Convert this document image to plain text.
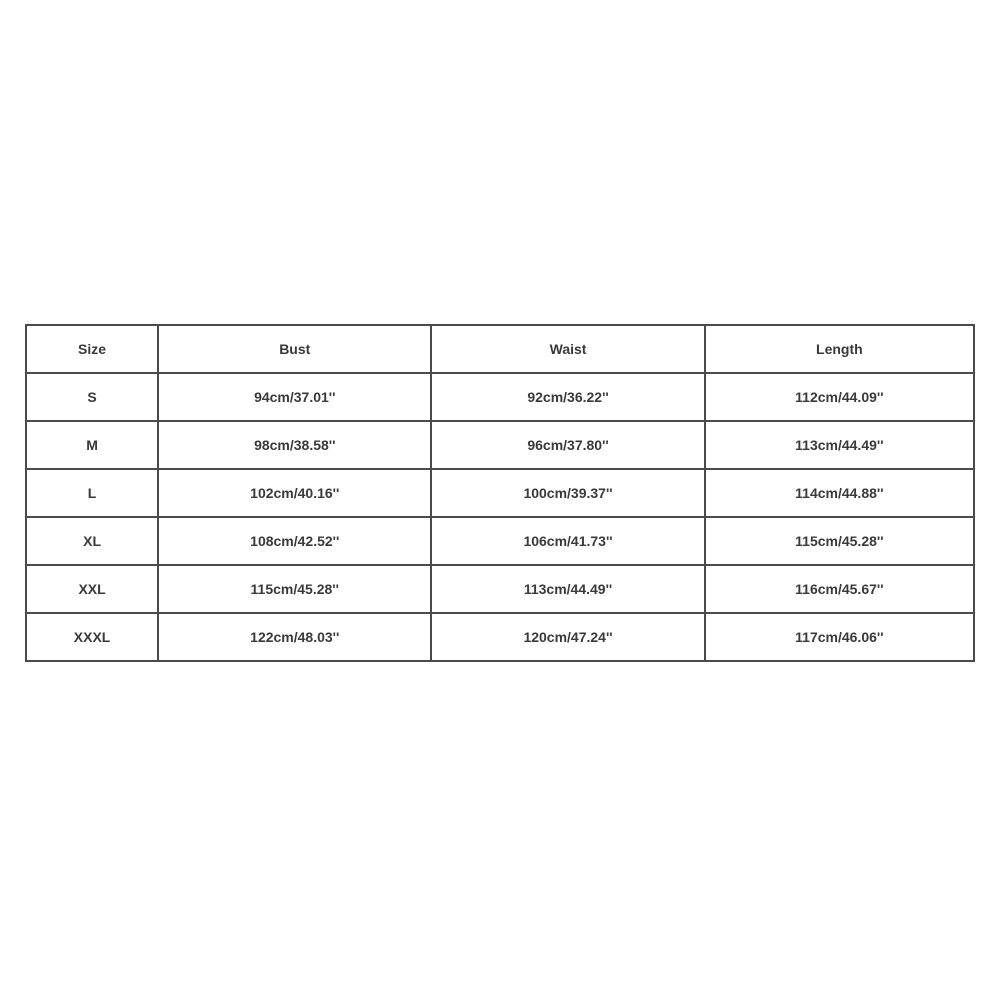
Size	Bust	Waist	Length
S	94cm/37.01''	92cm/36.22''	112cm/44.09''
M	98cm/38.58''	96cm/37.80''	113cm/44.49''
L	102cm/40.16''	100cm/39.37''	114cm/44.88''
XL	108cm/42.52''	106cm/41.73''	115cm/45.28''
XXL	115cm/45.28''	113cm/44.49''	116cm/45.67''
XXXL	122cm/48.03''	120cm/47.24''	117cm/46.06''
